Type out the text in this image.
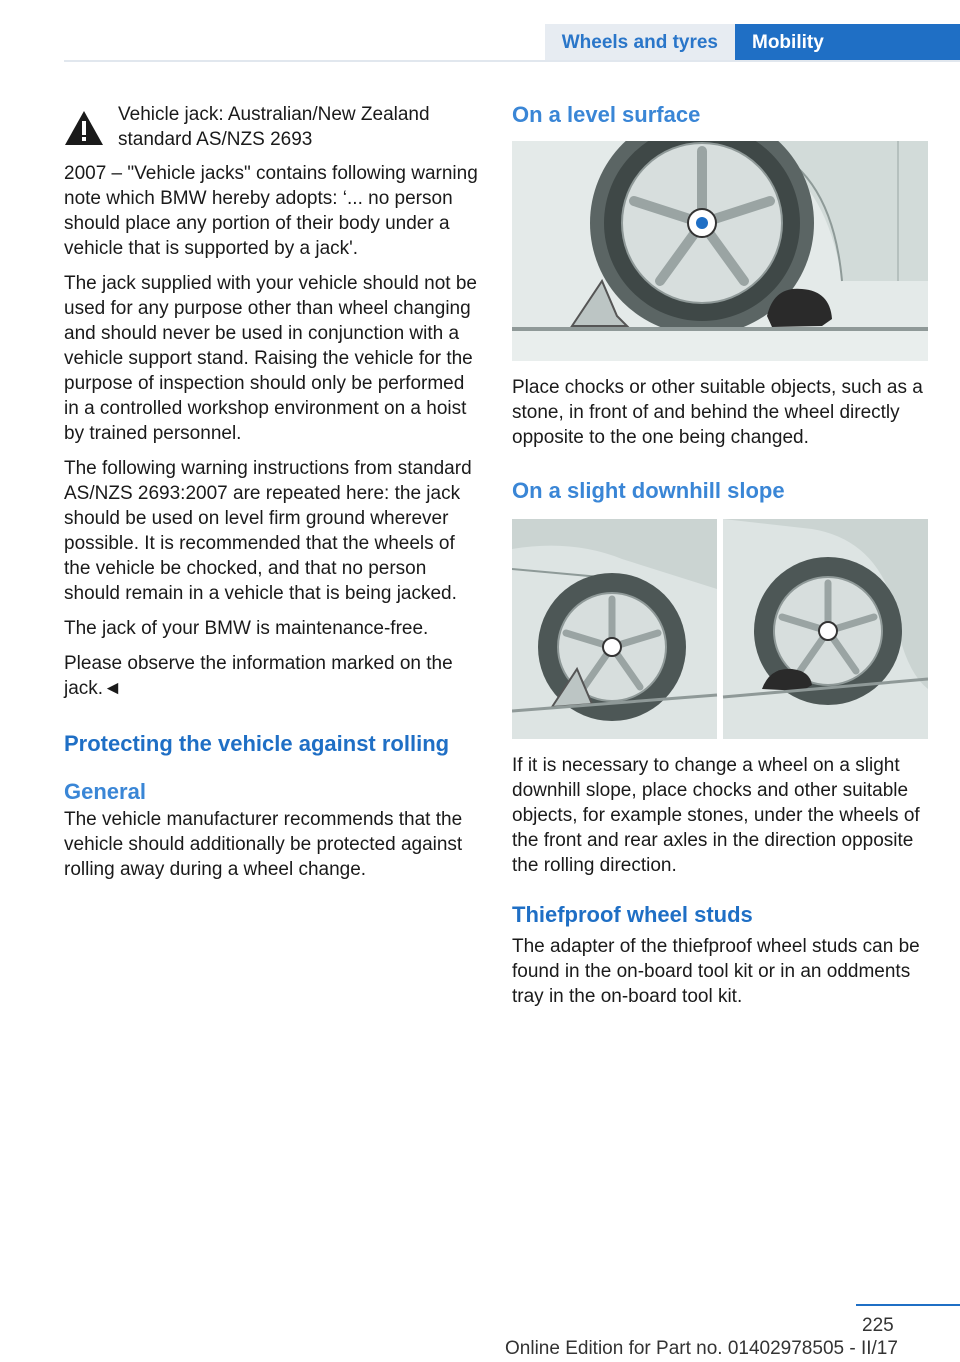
Wheels and tyres	Mobility

Vehicle jack: Australian/New Zealand standard AS/NZS 2693

2007 – "Vehicle jacks" contains following warning note which BMW hereby adopts: ‘... no person should place any portion of their body under a vehicle that is supported by a jack'.

The jack supplied with your vehicle should not be used for any purpose other than wheel changing and should never be used in conjunction with a vehicle support stand. Raising the vehicle for the purpose of inspection should only be performed in a controlled workshop environment on a hoist by trained personnel.

The following warning instructions from standard AS/NZS 2693:2007 are repeated here: the jack should be used on level firm ground wherever possible. It is recommended that the wheels of the vehicle be chocked, and that no person should remain in a vehicle that is being jacked.

The jack of your BMW is maintenance-free.

Please observe the information marked on the jack.◄

Protecting the vehicle against rolling
General

The vehicle manufacturer recommends that the vehicle should additionally be protected against rolling away during a wheel change.

On a level surface

Place chocks or other suitable objects, such as a stone, in front of and behind the wheel directly opposite to the one being changed.

On a slight downhill slope

If it is necessary to change a wheel on a slight downhill slope, place chocks and other suitable objects, for example stones, under the wheels of the front and rear axles in the direction opposite the rolling direction.

Thiefproof wheel studs

The adapter of the thiefproof wheel studs can be found in the on-board tool kit or in an oddments tray in the on-board tool kit.

225
Online Edition for Part no. 01402978505 - II/17
